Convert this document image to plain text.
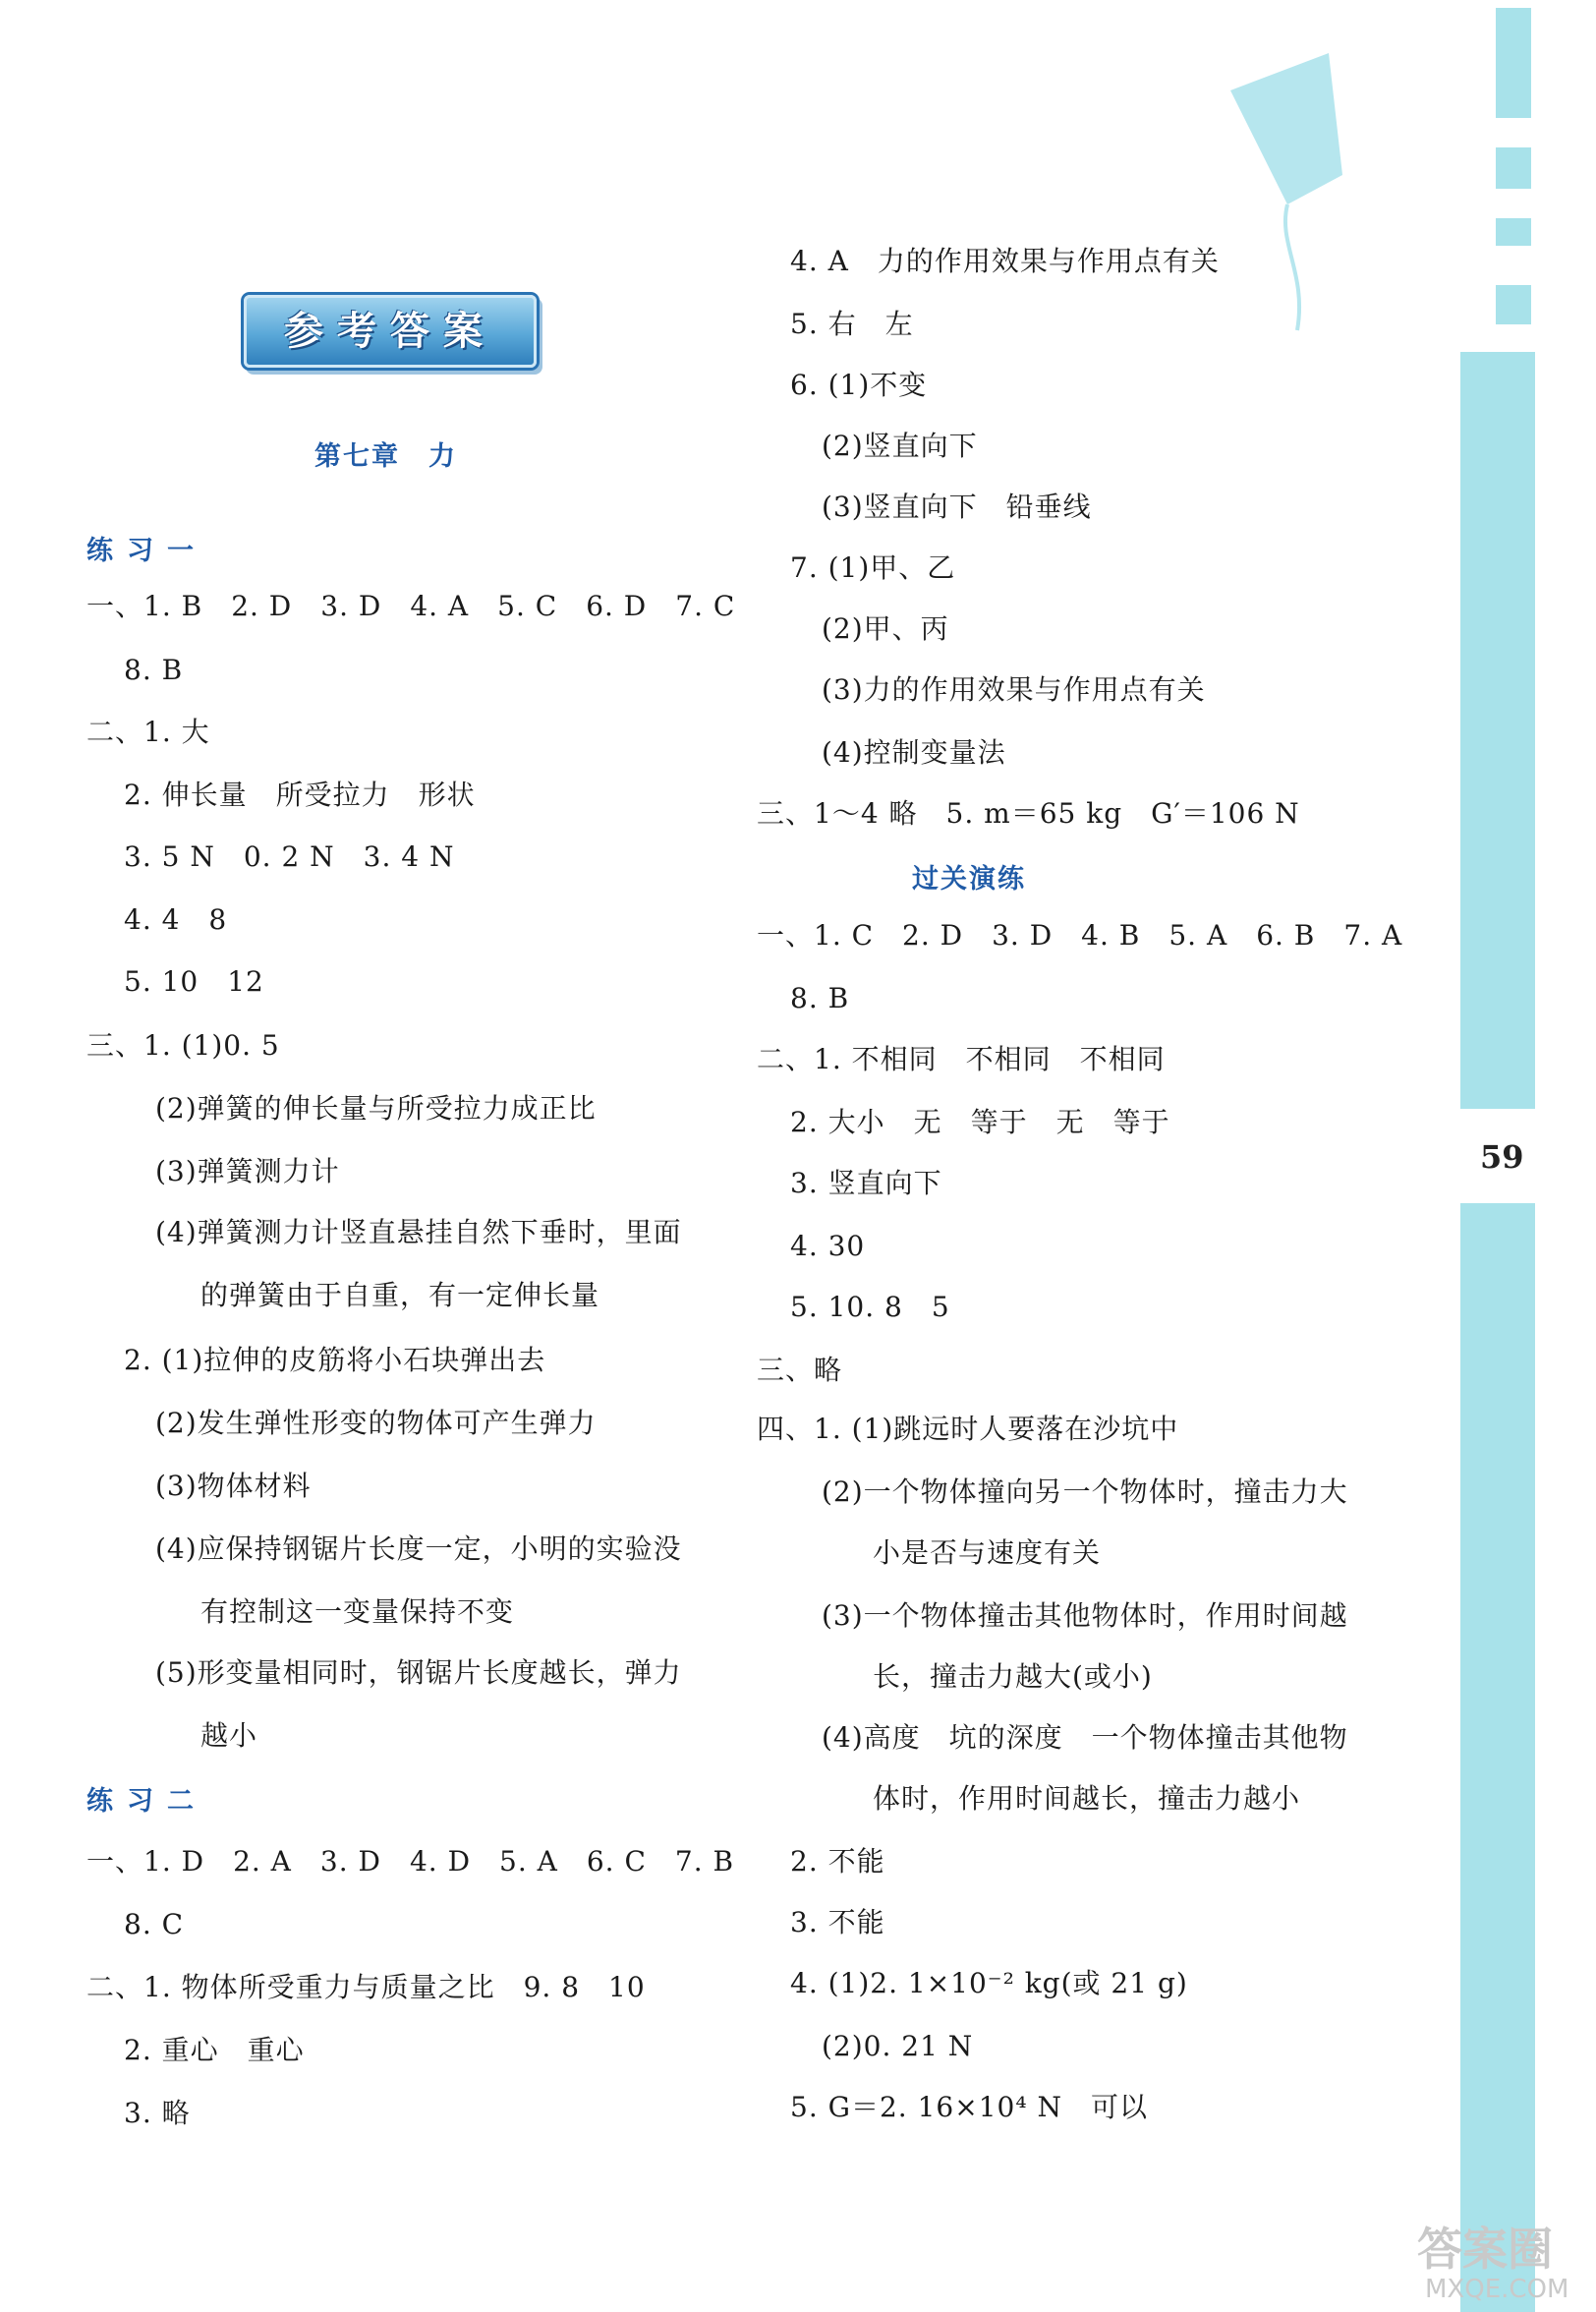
参考答案
第七章　力
59
练习一
一、1. B　2. D　3. D　4. A　5. C　6. D　7. C
8. B
二、1. 大
2. 伸长量　所受拉力　形状
3. 5 N　0. 2 N　3. 4 N
4. 4　8
5. 10　12
三、1. (1)0. 5
(2)弹簧的伸长量与所受拉力成正比
(3)弹簧测力计
(4)弹簧测力计竖直悬挂自然下垂时，里面
的弹簧由于自重，有一定伸长量
2. (1)拉伸的皮筋将小石块弹出去
(2)发生弹性形变的物体可产生弹力
(3)物体材料
(4)应保持钢锯片长度一定，小明的实验没
有控制这一变量保持不变
(5)形变量相同时，钢锯片长度越长，弹力
越小
练习二
一、1. D　2. A　3. D　4. D　5. A　6. C　7. B
8. C
二、1. 物体所受重力与质量之比　9. 8　10
2. 重心　重心
3. 略
4. A　力的作用效果与作用点有关
5. 右　左
6. (1)不变
(2)竖直向下
(3)竖直向下　铅垂线
7. (1)甲、乙
(2)甲、丙
(3)力的作用效果与作用点有关
(4)控制变量法
三、1～4 略　5. m＝65 kg　G′＝106 N
过关演练
一、1. C　2. D　3. D　4. B　5. A　6. B　7. A
8. B
二、1. 不相同　不相同　不相同
2. 大小　无　等于　无　等于
3. 竖直向下
4. 30
5. 10. 8　5
三、略
四、1. (1)跳远时人要落在沙坑中
(2)一个物体撞向另一个物体时，撞击力大
小是否与速度有关
(3)一个物体撞击其他物体时，作用时间越
长，撞击力越大(或小)
(4)高度　坑的深度　一个物体撞击其他物
体时，作用时间越长，撞击力越小
2. 不能
3. 不能
4. (1)2. 1×10⁻² kg(或 21 g)
(2)0. 21 N
5. G＝2. 16×10⁴ N　可以
答案圈
MXQE.COM
